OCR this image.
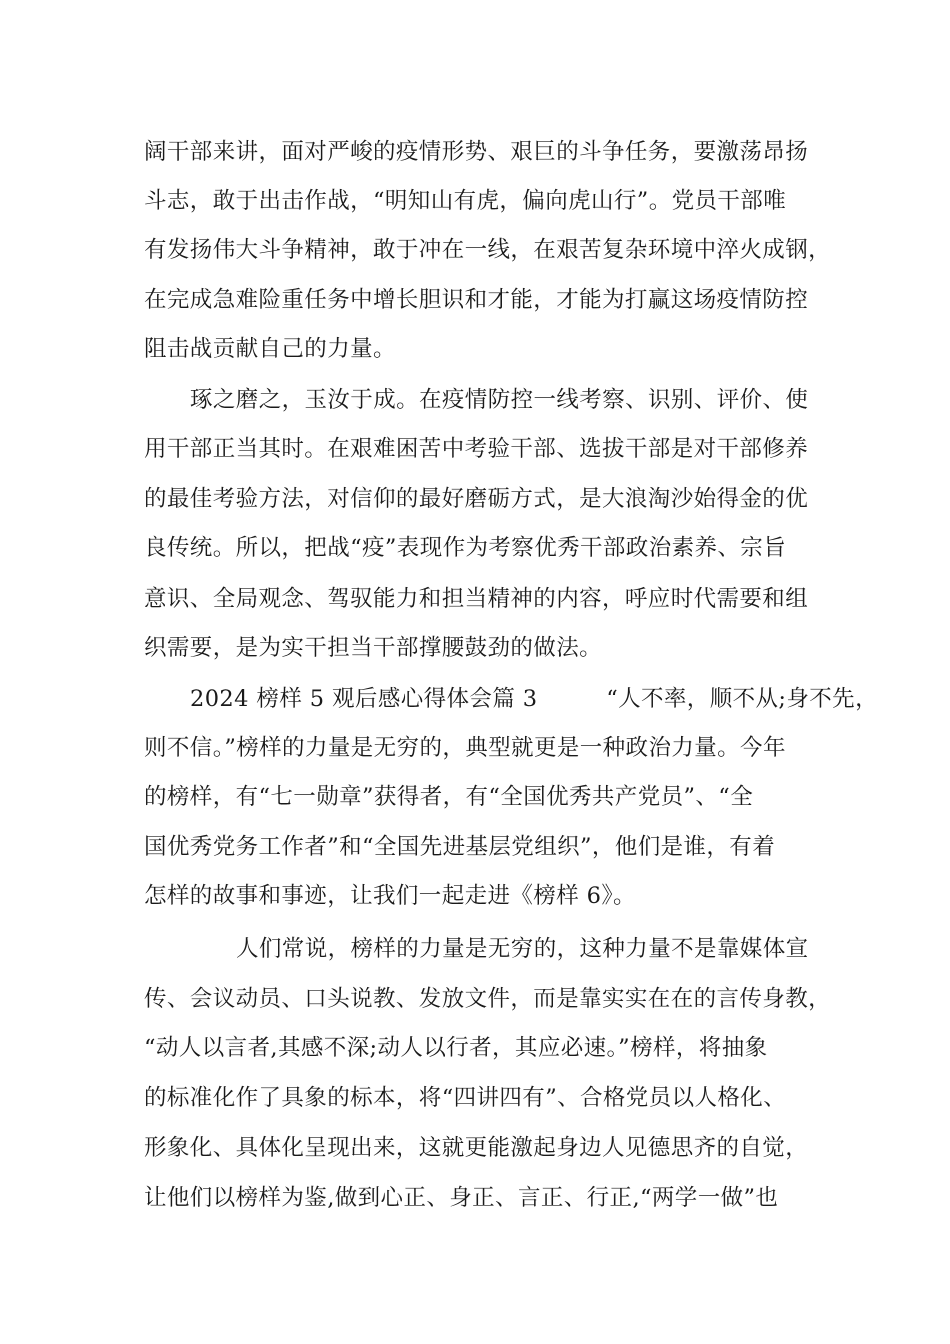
阔干部来讲，面对严峻的疫情形势、艰巨的斗争任务，要激荡昂扬
斗志，敢于出击作战，“明知山有虎，偏向虎山行”。党员干部唯
有发扬伟大斗争精神，敢于冲在一线，在艰苦复杂环境中淬火成钢，
在完成急难险重任务中增长胆识和才能，才能为打赢这场疫情防控
阻击战贡献自己的力量。
琢之磨之，玉汝于成。在疫情防控一线考察、识别、评价、使
用干部正当其时。在艰难困苦中考验干部、选拔干部是对干部修养
的最佳考验方法，对信仰的最好磨砺方式，是大浪淘沙始得金的优
良传统。所以，把战“疫”表现作为考察优秀干部政治素养、宗旨
意识、全局观念、驾驭能力和担当精神的内容，呼应时代需要和组
织需要，是为实干担当干部撑腰鼓劲的做法。
2024 榜样 5 观后感心得体会篇 3　　　“人不率，顺不从;身不先，
则不信。”榜样的力量是无穷的，典型就更是一种政治力量。今年
的榜样，有“七一勋章”获得者，有“全国优秀共产党员”、“全
国优秀党务工作者”和“全国先进基层党组织”，他们是谁，有着
怎样的故事和事迹，让我们一起走进《榜样 6》。
人们常说，榜样的力量是无穷的，这种力量不是靠媒体宣
传、会议动员、口头说教、发放文件，而是靠实实在在的言传身教，
“动人以言者,其感不深;动人以行者，其应必速。”榜样，将抽象
的标准化作了具象的标本，将“四讲四有”、合格党员以人格化、
形象化、具体化呈现出来，这就更能激起身边人见德思齐的自觉，
让他们以榜样为鉴,做到心正、身正、言正、行正,“两学一做”也
